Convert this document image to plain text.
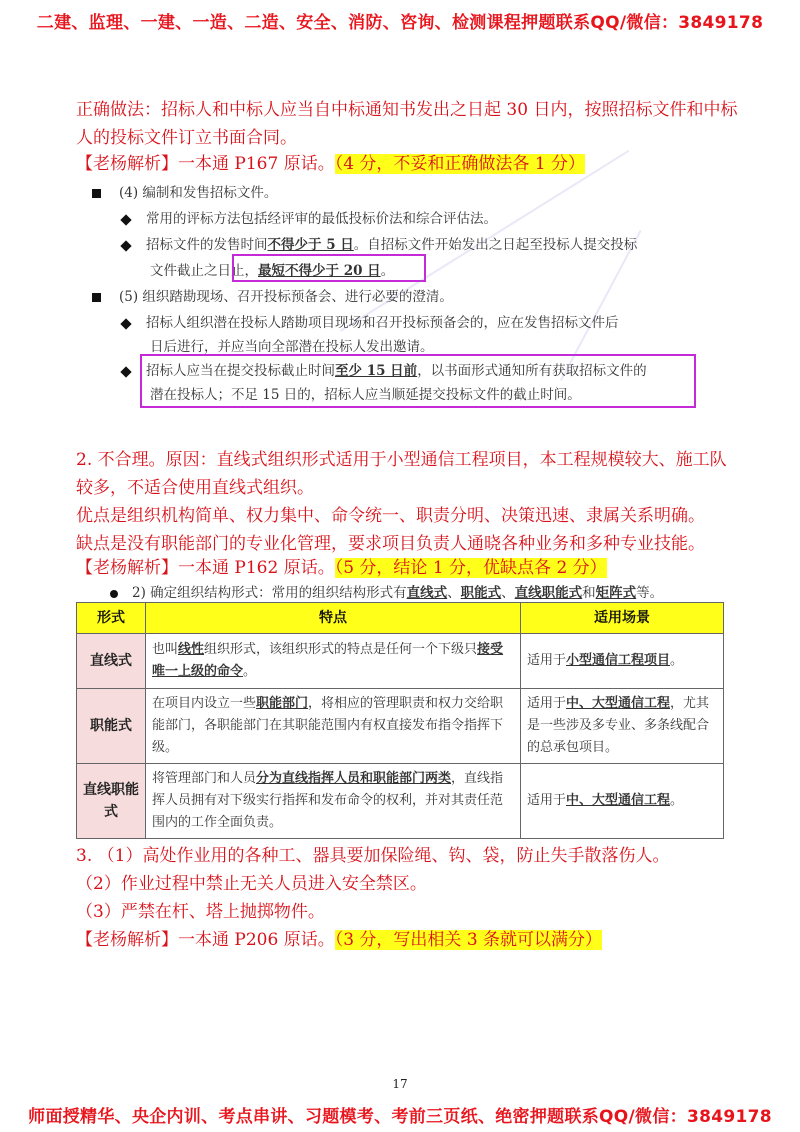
二建、监理、一建、一造、二造、安全、消防、咨询、检测课程押题联系QQ/微信：3849178
正确做法：招标人和中标人应当自中标通知书发出之日起 30 日内，按照招标文件和中标
人的投标文件订立书面合同。
【老杨解析】一本通 P167 原话。（4 分，不妥和正确做法各 1 分）
(4) 编制和发售招标文件。
常用的评标方法包括经评审的最低投标价法和综合评估法。
招标文件的发售时间不得少于 5 日。自招标文件开始发出之日起至投标人提交投标
文件截止之日止，最短不得少于 20 日。
(5) 组织踏勘现场、召开投标预备会、进行必要的澄清。
招标人组织潜在投标人踏勘项目现场和召开投标预备会的，应在发售招标文件后
日后进行，并应当向全部潜在投标人发出邀请。
招标人应当在提交投标截止时间至少 15 日前，以书面形式通知所有获取招标文件的
潜在投标人；不足 15 日的，招标人应当顺延提交投标文件的截止时间。
2. 不合理。原因：直线式组织形式适用于小型通信工程项目，本工程规模较大、施工队
较多，不适合使用直线式组织。
优点是组织机构简单、权力集中、命令统一、职责分明、决策迅速、隶属关系明确。
缺点是没有职能部门的专业化管理，要求项目负责人通晓各种业务和多种专业技能。
【老杨解析】一本通 P162 原话。（5 分，结论 1 分，优缺点各 2 分）
2) 确定组织结构形式：常用的组织结构形式有直线式、职能式、直线职能式和矩阵式等。
形式	特点	适用场景
直线式	也叫线性组织形式，该组织形式的特点是任何一个下级只接受唯一上级的命令。	适用于小型通信工程项目。
职能式	在项目内设立一些职能部门，将相应的管理职责和权力交给职能部门，各职能部门在其职能范围内有权直接发布指令指挥下级。	适用于中、大型通信工程，尤其是一些涉及多专业、多条线配合的总承包项目。
直线职能式	将管理部门和人员分为直线指挥人员和职能部门两类，直线指挥人员拥有对下级实行指挥和发布命令的权利，并对其责任范围内的工作全面负责。	适用于中、大型通信工程。
3. （1）高处作业用的各种工、器具要加保险绳、钩、袋，防止失手散落伤人。
（2）作业过程中禁止无关人员进入安全禁区。
（3）严禁在杆、塔上抛掷物件。
【老杨解析】一本通 P206 原话。（3 分，写出相关 3 条就可以满分）
17
师面授精华、央企内训、考点串讲、习题模考、考前三页纸、绝密押题联系QQ/微信：3849178
